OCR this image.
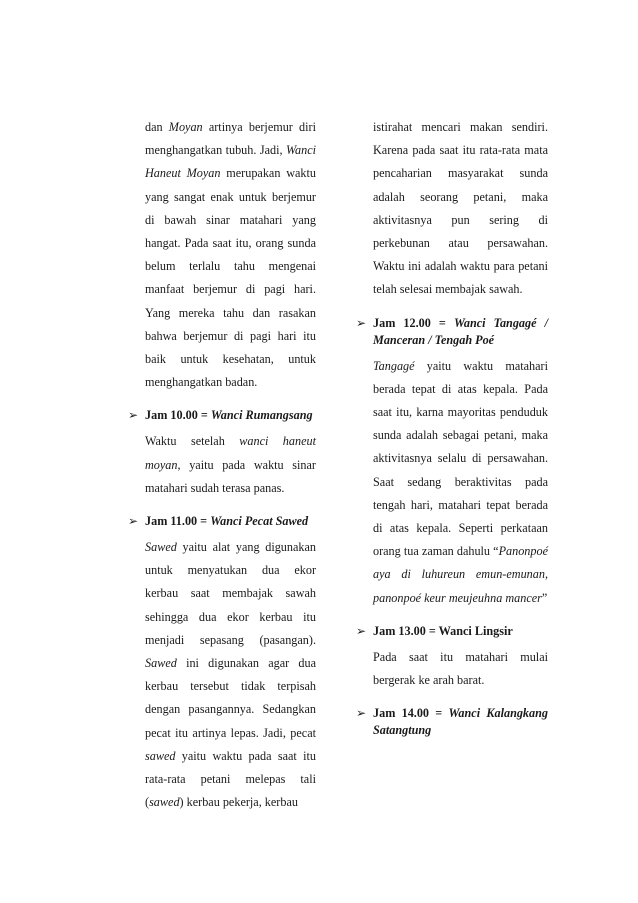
dan Moyan artinya berjemur diri menghangatkan tubuh. Jadi, Wanci Haneut Moyan merupakan waktu yang sangat enak untuk berjemur di bawah sinar matahari yang hangat. Pada saat itu, orang sunda belum terlalu tahu mengenai manfaat berjemur di pagi hari. Yang mereka tahu dan rasakan bahwa berjemur di pagi hari itu baik untuk kesehatan, untuk menghangatkan badan.

➢ Jam 10.00 = Wanci Rumangsang

Waktu setelah wanci haneut moyan, yaitu pada waktu sinar matahari sudah terasa panas.

➢ Jam 11.00 = Wanci Pecat Sawed

Sawed yaitu alat yang digunakan untuk menyatukan dua ekor kerbau saat membajak sawah sehingga dua ekor kerbau itu menjadi sepasang (pasangan). Sawed ini digunakan agar dua kerbau tersebut tidak terpisah dengan pasangannya. Sedangkan pecat itu artinya lepas. Jadi, pecat sawed yaitu waktu pada saat itu rata-rata petani melepas tali (sawed) kerbau pekerja, kerbau

istirahat mencari makan sendiri. Karena pada saat itu rata-rata mata pencaharian masyarakat sunda adalah seorang petani, maka aktivitasnya pun sering di perkebunan atau persawahan. Waktu ini adalah waktu para petani telah selesai membajak sawah.

➢ Jam 12.00 = Wanci Tangagé / Manceran / Tengah Poé

Tangagé yaitu waktu matahari berada tepat di atas kepala. Pada saat itu, karna mayoritas penduduk sunda adalah sebagai petani, maka aktivitasnya selalu di persawahan. Saat sedang beraktivitas pada tengah hari, matahari tepat berada di atas kepala. Seperti perkataan orang tua zaman dahulu “Panonpoé aya di luhureun emun-emunan, panonpoé keur meujeuhna mancer”

➢ Jam 13.00 = Wanci Lingsir

Pada saat itu matahari mulai bergerak ke arah barat.

➢ Jam 14.00 = Wanci Kalangkang Satangtung
